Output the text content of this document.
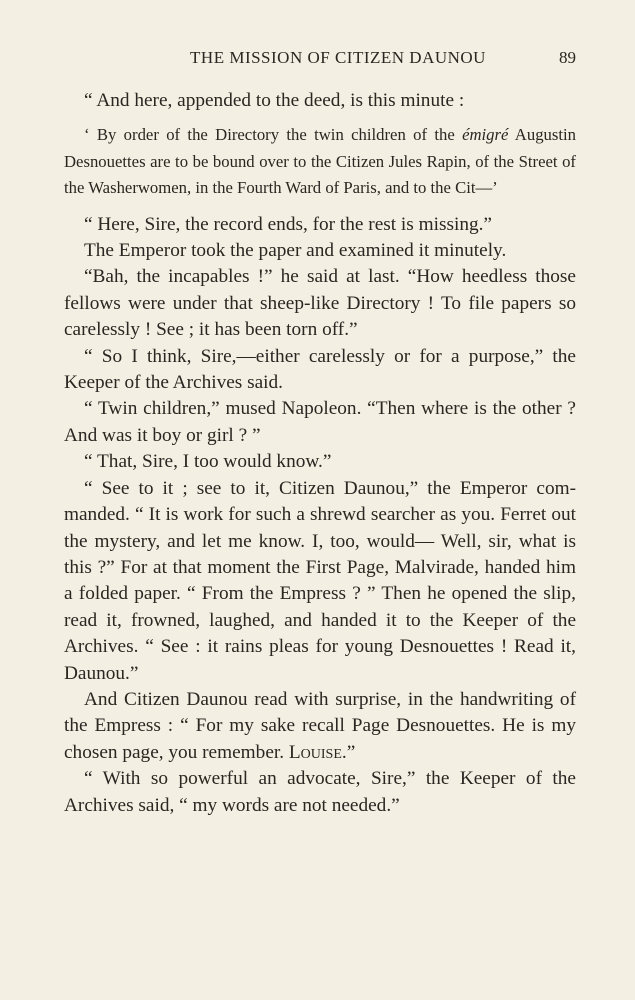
THE MISSION OF CITIZEN DAUNOU	89

“ And here, appended to the deed, is this minute :

‘ By order of the Directory the twin children of the émigré Augustin Desnouettes are to be bound over to the Citizen Jules Rapin, of the Street of the Washerwomen, in the Fourth Ward of Paris, and to the Cit—’

“ Here, Sire, the record ends, for the rest is missing.”

The Emperor took the paper and examined it minutely.

“Bah, the incapables !” he said at last. “How heedless those fellows were under that sheep-like Directory ! To file papers so carelessly ! See ; it has been torn off.”

“ So I think, Sire,—either carelessly or for a purpose,” the Keeper of the Archives said.

“ Twin children,” mused Napoleon. “Then where is the other ? And was it boy or girl ? ”

“ That, Sire, I too would know.”

“ See to it ; see to it, Citizen Daunou,” the Emperor commanded. “ It is work for such a shrewd searcher as you. Ferret out the mystery, and let me know. I, too, would— Well, sir, what is this ?” For at that moment the First Page, Malvirade, handed him a folded paper. “ From the Empress ? ” Then he opened the slip, read it, frowned, laughed, and handed it to the Keeper of the Archives. “ See : it rains pleas for young Desnouettes ! Read it, Daunou.”

And Citizen Daunou read with surprise, in the handwriting of the Empress : “ For my sake recall Page Desnouettes. He is my chosen page, you remember. Louise.”

“ With so powerful an advocate, Sire,” the Keeper of the Archives said, “ my words are not needed.”
